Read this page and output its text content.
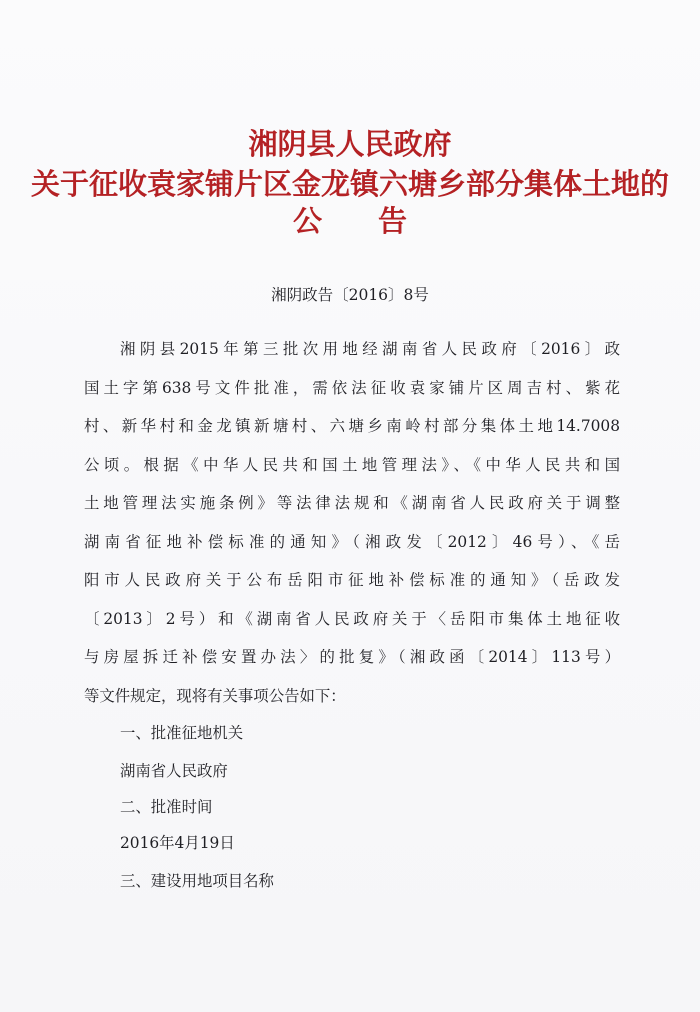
湘阴县人民政府
关于征收袁家铺片区金龙镇六塘乡部分集体土地的
公告
湘阴政告〔2016〕8号
湘阴县2015年第三批次用地经湖南省人民政府〔2016〕政
国土字第638号文件批准，需依法征收袁家铺片区周吉村、紫花
村、新华村和金龙镇新塘村、六塘乡南岭村部分集体土地14.7008
公顷。根据《中华人民共和国土地管理法》、《中华人民共和国
土地管理法实施条例》等法律法规和《湖南省人民政府关于调整
湖南省征地补偿标准的通知》（湘政发〔2012〕46号）、《岳
阳市人民政府关于公布岳阳市征地补偿标准的通知》（岳政发
〔2013〕2号）和《湖南省人民政府关于〈岳阳市集体土地征收
与房屋拆迁补偿安置办法〉的批复》（湘政函〔2014〕113号）
等文件规定，现将有关事项公告如下：
一、批准征地机关
湖南省人民政府
二、批准时间
2016年4月19日
三、建设用地项目名称
